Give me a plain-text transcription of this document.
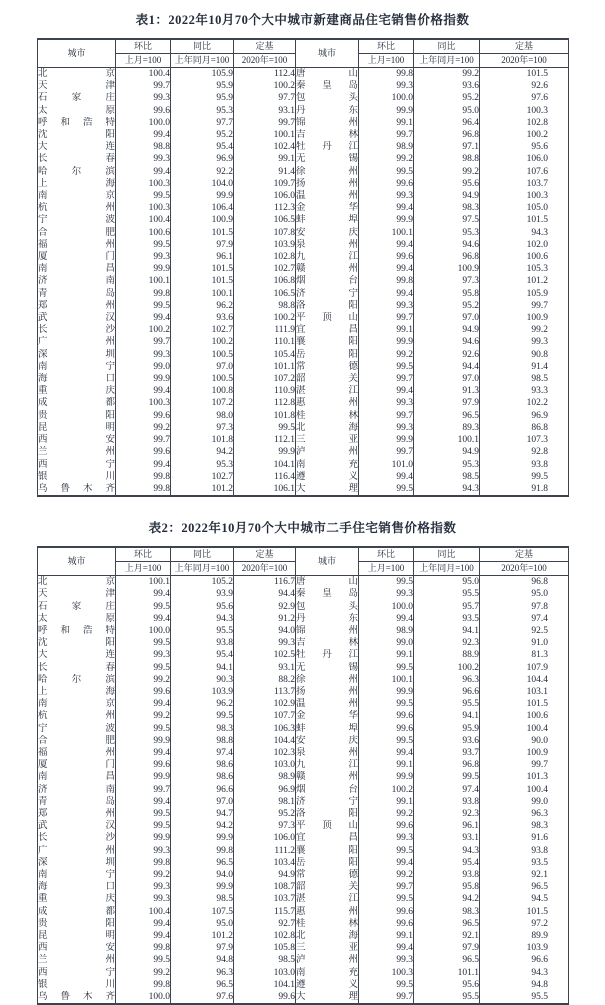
表1：2022年10月70个大中城市新建商品住宅销售价格指数
城市	环比	同比	定基	城市	环比	同比	定基
	上月=100	上年同月=100	2020年=100		上月=100	上年同月=100	2020年=100
北京	100.4	105.9	112.4	唐山	99.8	99.2	101.5
天津	99.7	95.9	100.2	秦皇岛	99.3	93.6	92.6
石家庄	99.3	95.9	97.7	包头	100.0	95.2	97.6
太原	99.6	95.3	93.1	丹东	99.9	95.0	100.3
呼和浩特	100.0	97.7	99.7	锦州	99.1	96.4	102.8
沈阳	99.4	95.2	100.1	吉林	99.7	96.8	100.2
大连	98.8	95.4	102.4	牡丹江	98.9	97.1	95.6
长春	99.3	96.9	99.1	无锡	99.2	98.8	106.0
哈尔滨	99.4	92.2	91.4	徐州	99.5	99.2	107.6
上海	100.3	104.0	109.7	扬州	99.6	95.6	103.7
南京	99.5	99.9	106.0	温州	99.3	94.9	100.3
杭州	100.3	106.4	112.3	金华	99.4	98.3	105.0
宁波	100.4	100.9	106.5	蚌埠	99.9	97.5	101.5
合肥	100.6	101.5	107.8	安庆	100.1	95.3	94.3
福州	99.5	97.9	103.9	泉州	99.4	94.6	102.0
厦门	99.3	96.1	102.8	九江	99.6	96.8	100.6
南昌	99.9	101.5	102.7	赣州	99.4	100.9	105.3
济南	100.1	101.5	106.8	烟台	99.8	97.3	101.2
青岛	99.8	100.1	106.5	济宁	99.4	95.8	105.9
郑州	99.5	96.2	98.8	洛阳	99.3	95.2	99.7
武汉	99.4	93.6	100.2	平顶山	99.7	97.0	100.9
长沙	100.2	102.7	111.9	宜昌	99.1	94.9	99.2
广州	99.7	100.2	110.1	襄阳	99.9	94.6	99.3
深圳	99.3	100.5	105.4	岳阳	99.2	92.6	90.8
南宁	99.0	97.0	101.1	常德	99.5	94.4	91.4
海口	99.9	100.5	107.2	韶关	99.7	97.0	98.5
重庆	99.4	100.8	110.9	湛江	99.4	91.3	93.3
成都	100.3	107.2	112.8	惠州	99.3	97.9	102.2
贵阳	99.6	98.0	101.8	桂林	99.7	96.5	96.9
昆明	99.2	97.3	99.5	北海	99.3	89.3	86.8
西安	99.7	101.8	112.1	三亚	99.9	100.1	107.3
兰州	99.6	94.2	99.9	泸州	99.7	94.9	92.8
西宁	99.4	95.3	104.1	南充	101.0	95.3	93.8
银川	99.8	102.7	116.4	遵义	99.4	98.5	99.5
乌鲁木齐	99.8	101.2	106.1	大理	99.5	94.3	91.8
表2：2022年10月70个大中城市二手住宅销售价格指数
城市	环比	同比	定基	城市	环比	同比	定基
	上月=100	上年同月=100	2020年=100		上月=100	上年同月=100	2020年=100
北京	100.1	105.2	116.7	唐山	99.5	95.0	96.8
天津	99.4	93.9	94.4	秦皇岛	99.3	95.5	95.0
石家庄	99.5	95.6	92.9	包头	100.0	95.7	97.8
太原	99.4	94.3	91.2	丹东	99.4	93.5	97.4
呼和浩特	100.0	95.5	94.0	锦州	98.9	94.1	92.5
沈阳	99.5	93.8	99.3	吉林	99.0	92.3	91.0
大连	99.3	95.4	102.5	牡丹江	99.1	88.9	81.3
长春	99.5	94.1	93.1	无锡	99.5	100.2	107.9
哈尔滨	99.2	90.3	88.2	徐州	100.1	96.3	104.4
上海	99.6	103.9	113.7	扬州	99.9	96.6	103.1
南京	99.4	96.2	102.9	温州	99.5	95.5	101.5
杭州	99.2	99.5	107.7	金华	99.6	94.1	100.6
宁波	99.5	98.3	106.3	蚌埠	99.6	95.9	100.4
合肥	99.9	98.8	104.4	安庆	99.5	93.6	90.0
福州	99.4	97.4	102.3	泉州	99.4	93.7	100.9
厦门	99.6	98.6	103.0	九江	99.1	96.8	99.7
南昌	99.9	98.6	98.9	赣州	99.9	99.5	101.3
济南	99.7	96.6	96.9	烟台	100.2	97.4	100.4
青岛	99.4	97.0	98.1	济宁	99.1	93.8	99.0
郑州	99.5	94.7	95.2	洛阳	99.2	92.3	96.3
武汉	99.5	94.2	97.3	平顶山	99.6	96.1	98.3
长沙	99.9	99.9	106.0	宜昌	99.3	93.1	91.6
广州	99.3	99.8	111.2	襄阳	99.5	94.3	93.8
深圳	99.8	96.5	103.4	岳阳	99.4	95.4	93.5
南宁	99.2	94.0	94.9	常德	99.2	93.8	92.1
海口	99.3	99.9	108.7	韶关	99.7	95.8	96.5
重庆	99.3	98.5	103.7	湛江	99.5	94.2	94.5
成都	100.4	107.5	115.7	惠州	99.6	98.3	101.5
贵阳	99.4	95.0	92.7	桂林	99.6	96.5	97.2
昆明	99.4	101.2	102.8	北海	99.1	92.1	89.9
西安	99.8	97.9	105.8	三亚	99.4	97.9	103.9
兰州	99.5	94.8	98.5	泸州	99.3	96.5	96.6
西宁	99.2	96.3	103.0	南充	100.3	101.1	94.3
银川	99.8	96.5	104.1	遵义	99.5	95.6	94.8
乌鲁木齐	100.0	97.6	99.6	大理	99.7	95.5	95.5
